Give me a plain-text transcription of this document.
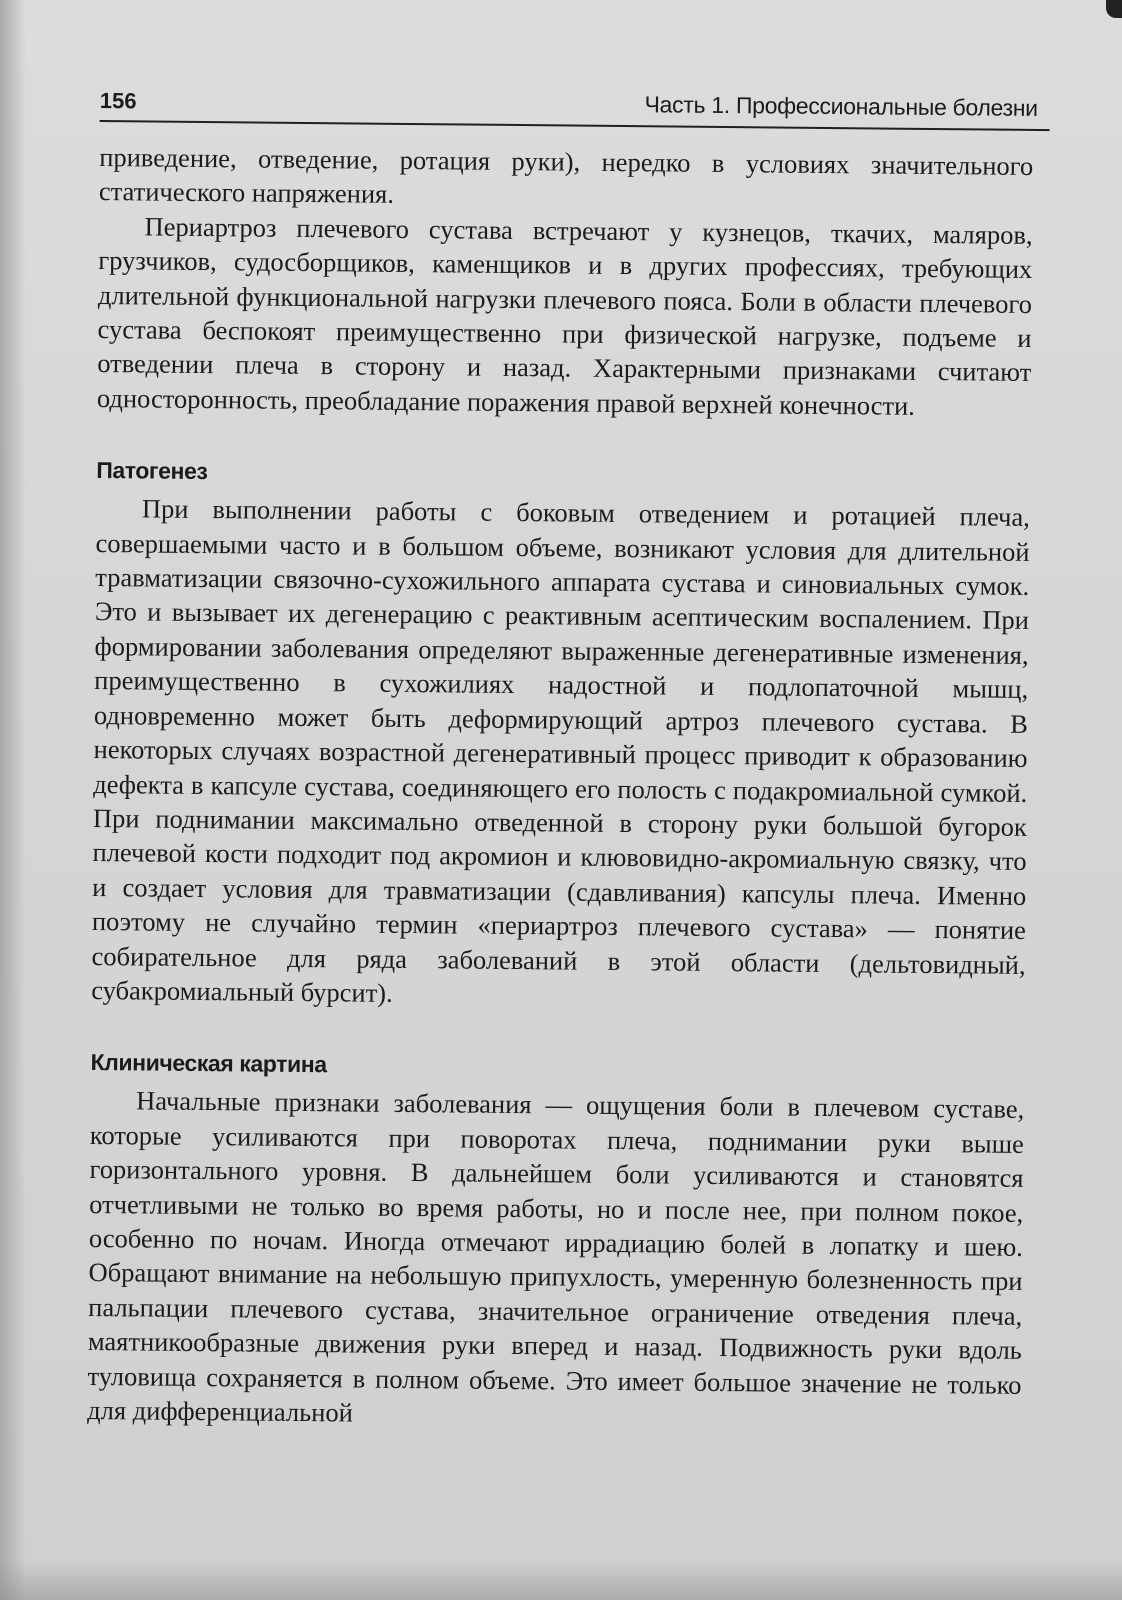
156	Часть 1. Профессиональные болезни

приведение, отведение, ротация руки), нередко в условиях значительного статического напряжения.

Периартроз плечевого сустава встречают у кузнецов, ткачих, маляров, грузчиков, судосборщиков, каменщиков и в других профессиях, требующих длительной функциональной нагрузки плечевого пояса. Боли в области плечевого сустава беспокоят преимущественно при физической нагрузке, подъеме и отведении плеча в сторону и назад. Характерными признаками считают односторонность, преобладание поражения правой верхней конечности.

Патогенез

При выполнении работы с боковым отведением и ротацией плеча, совершаемыми часто и в большом объеме, возникают условия для длительной травматизации связочно-сухожильного аппарата сустава и синовиальных сумок. Это и вызывает их дегенерацию с реактивным асептическим воспалением. При формировании заболевания определяют выраженные дегенеративные изменения, преимущественно в сухожилиях надостной и подлопаточной мышц, одновременно может быть деформирующий артроз плечевого сустава. В некоторых случаях возрастной дегенеративный процесс приводит к образованию дефекта в капсуле сустава, соединяющего его полость с подакромиальной сумкой. При поднимании максимально отведенной в сторону руки большой бугорок плечевой кости подходит под акромион и клювовидно-акромиальную связку, что и создает условия для травматизации (сдавливания) капсулы плеча. Именно поэтому не случайно термин «периартроз плечевого сустава» — понятие собирательное для ряда заболеваний в этой области (дельтовидный, субакромиальный бурсит).

Клиническая картина

Начальные признаки заболевания — ощущения боли в плечевом суставе, которые усиливаются при поворотах плеча, поднимании руки выше горизонтального уровня. В дальнейшем боли усиливаются и становятся отчетливыми не только во время работы, но и после нее, при полном покое, особенно по ночам. Иногда отмечают иррадиацию болей в лопатку и шею. Обращают внимание на небольшую припухлость, умеренную болезненность при пальпации плечевого сустава, значительное ограничение отведения плеча, маятникообразные движения руки вперед и назад. Подвижность руки вдоль туловища сохраняется в полном объеме. Это имеет большое значение не только для дифференциальной
